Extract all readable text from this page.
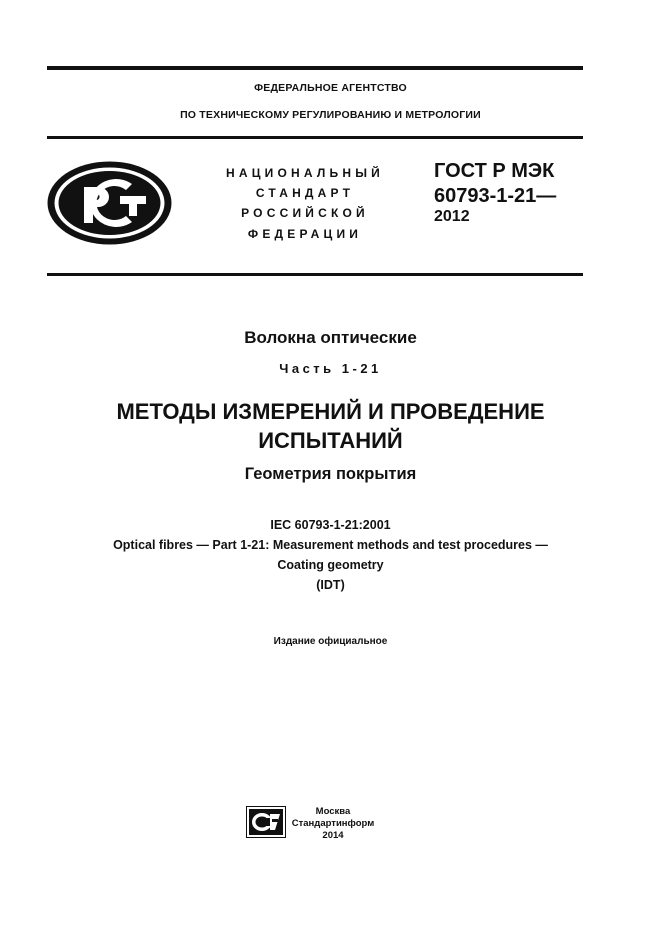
ФЕДЕРАЛЬНОЕ АГЕНТСТВО
ПО ТЕХНИЧЕСКОМУ РЕГУЛИРОВАНИЮ И МЕТРОЛОГИИ
НАЦИОНАЛЬНЫЙ
СТАНДАРТ
РОССИЙСКОЙ
ФЕДЕРАЦИИ
ГОСТ Р МЭК
60793-1-21—
2012
Волокна оптические
Часть 1-21
МЕТОДЫ ИЗМЕРЕНИЙ И ПРОВЕДЕНИЕ
ИСПЫТАНИЙ
Геометрия покрытия
IEC 60793-1-21:2001
Optical fibres — Part 1-21: Measurement methods and test procedures —
Coating geometry
(IDT)
Издание официальное
Москва
Стандартинформ
2014
